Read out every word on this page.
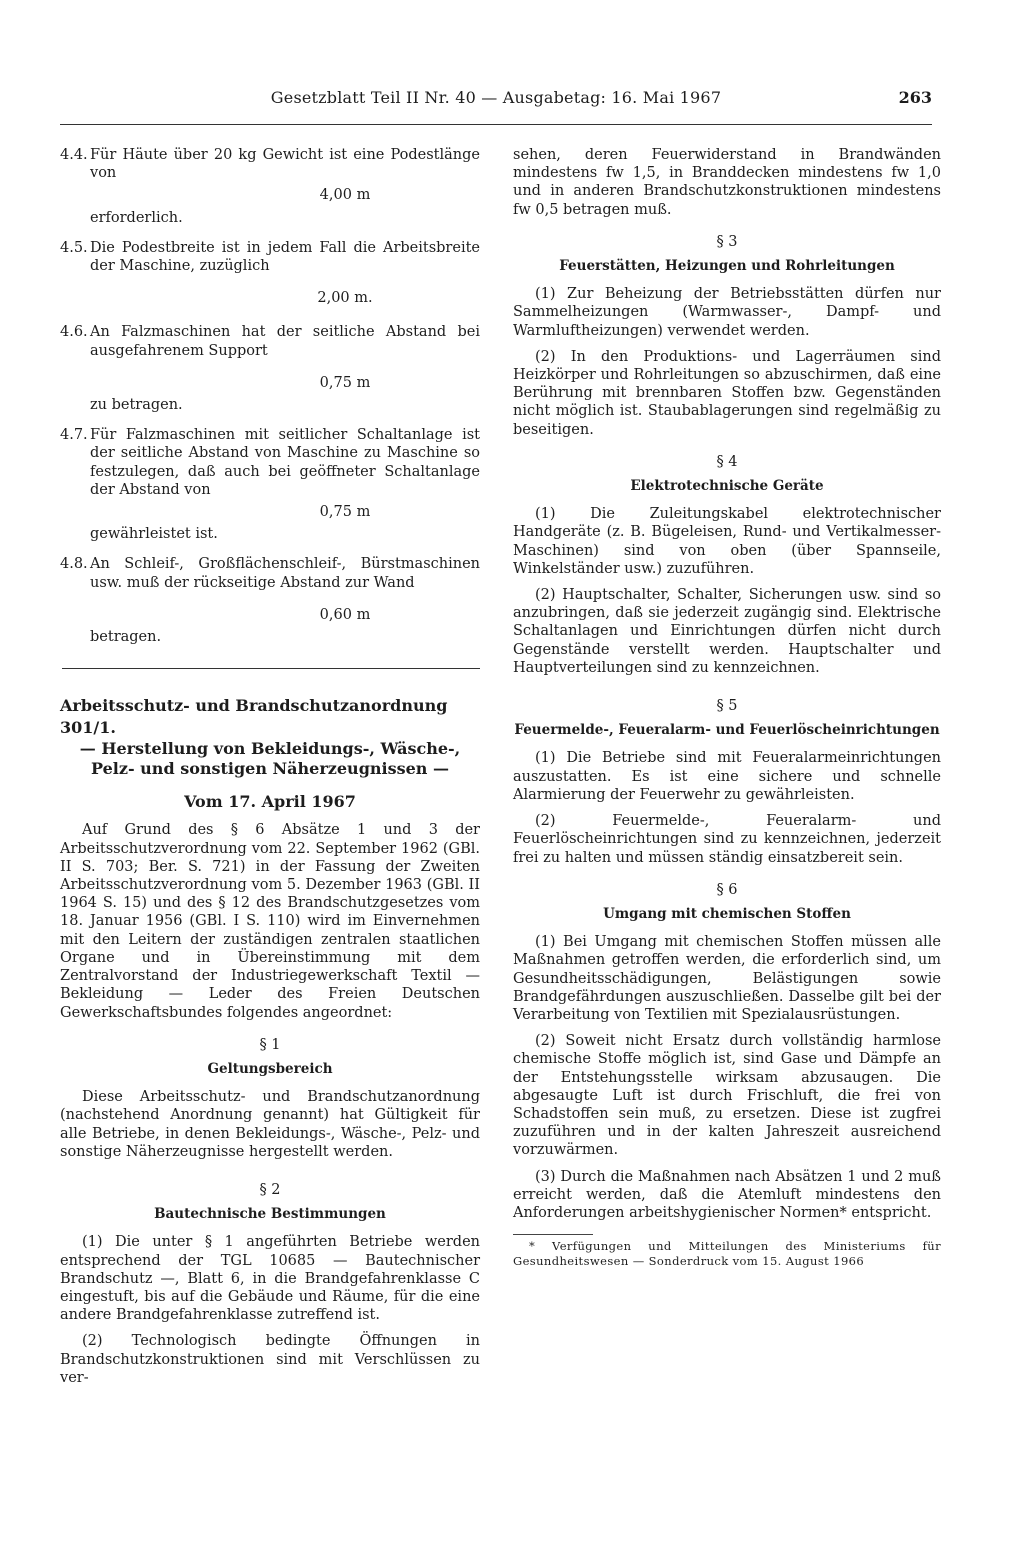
Gesetzblatt Teil II Nr. 40 — Ausgabetag: 16. Mai 1967	263
4.4. Für Häute über 20 kg Gewicht ist eine Podestlänge von
4,00 m

erforderlich.

4.5. Die Podestbreite ist in jedem Fall die Arbeitsbreite der Maschine, zuzüglich
2,00 m.
4.6. An Falzmaschinen hat der seitliche Abstand bei ausgefahrenem Support
0,75 m

zu betragen.

4.7. Für Falzmaschinen mit seitlicher Schaltanlage ist der seitliche Abstand von Maschine zu Maschine so festzulegen, daß auch bei geöffneter Schaltanlage der Abstand von
0,75 m

gewährleistet ist.

4.8. An Schleif-, Großflächenschleif-, Bürstmaschinen usw. muß der rückseitige Abstand zur Wand
0,60 m

betragen.

Arbeitsschutz- und Brandschutzanordnung 301/1.
— Herstellung von Bekleidungs-, Wäsche-, Pelz- und sonstigen Näherzeugnissen —
Vom 17. April 1967

Auf Grund des § 6 Absätze 1 und 3 der Arbeitsschutzverordnung vom 22. September 1962 (GBl. II S. 703; Ber. S. 721) in der Fassung der Zweiten Arbeitsschutzverordnung vom 5. Dezember 1963 (GBl. II 1964 S. 15) und des § 12 des Brandschutzgesetzes vom 18. Januar 1956 (GBl. I S. 110) wird im Einvernehmen mit den Leitern der zuständigen zentralen staatlichen Organe und in Übereinstimmung mit dem Zentralvorstand der Industriegewerkschaft Textil — Bekleidung — Leder des Freien Deutschen Gewerkschaftsbundes folgendes angeordnet:

§ 1
Geltungsbereich

Diese Arbeitsschutz- und Brandschutzanordnung (nachstehend Anordnung genannt) hat Gültigkeit für alle Betriebe, in denen Bekleidungs-, Wäsche-, Pelz- und sonstige Näherzeugnisse hergestellt werden.

§ 2
Bautechnische Bestimmungen

(1) Die unter § 1 angeführten Betriebe werden entsprechend der TGL 10685 — Bautechnischer Brandschutz —, Blatt 6, in die Brandgefahrenklasse C eingestuft, bis auf die Gebäude und Räume, für die eine andere Brandgefahrenklasse zutreffend ist.

(2) Technologisch bedingte Öffnungen in Brandschutzkonstruktionen sind mit Verschlüssen zu ver-

sehen, deren Feuerwiderstand in Brandwänden mindestens fw 1,5, in Branddecken mindestens fw 1,0 und in anderen Brandschutzkonstruktionen mindestens fw 0,5 betragen muß.

§ 3
Feuerstätten, Heizungen und Rohrleitungen

(1) Zur Beheizung der Betriebsstätten dürfen nur Sammelheizungen (Warmwasser-, Dampf- und Warmluftheizungen) verwendet werden.

(2) In den Produktions- und Lagerräumen sind Heizkörper und Rohrleitungen so abzuschirmen, daß eine Berührung mit brennbaren Stoffen bzw. Gegenständen nicht möglich ist. Staubablagerungen sind regelmäßig zu beseitigen.

§ 4
Elektrotechnische Geräte

(1) Die Zuleitungskabel elektrotechnischer Handgeräte (z. B. Bügeleisen, Rund- und Vertikalmesser-Maschinen) sind von oben (über Spannseile, Winkelständer usw.) zuzuführen.

(2) Hauptschalter, Schalter, Sicherungen usw. sind so anzubringen, daß sie jederzeit zugängig sind. Elektrische Schaltanlagen und Einrichtungen dürfen nicht durch Gegenstände verstellt werden. Hauptschalter und Hauptverteilungen sind zu kennzeichnen.

§ 5
Feuermelde-, Feueralarm- und Feuerlöscheinrichtungen

(1) Die Betriebe sind mit Feueralarmeinrichtungen auszustatten. Es ist eine sichere und schnelle Alarmierung der Feuerwehr zu gewährleisten.

(2) Feuermelde-, Feueralarm- und Feuerlöscheinrichtungen sind zu kennzeichnen, jederzeit frei zu halten und müssen ständig einsatzbereit sein.

§ 6
Umgang mit chemischen Stoffen

(1) Bei Umgang mit chemischen Stoffen müssen alle Maßnahmen getroffen werden, die erforderlich sind, um Gesundheitsschädigungen, Belästigungen sowie Brandgefährdungen auszuschließen. Dasselbe gilt bei der Verarbeitung von Textilien mit Spezialausrüstungen.

(2) Soweit nicht Ersatz durch vollständig harmlose chemische Stoffe möglich ist, sind Gase und Dämpfe an der Entstehungsstelle wirksam abzusaugen. Die abgesaugte Luft ist durch Frischluft, die frei von Schadstoffen sein muß, zu ersetzen. Diese ist zugfrei zuzuführen und in der kalten Jahreszeit ausreichend vorzuwärmen.

(3) Durch die Maßnahmen nach Absätzen 1 und 2 muß erreicht werden, daß die Atemluft mindestens den Anforderungen arbeitshygienischer Normen* entspricht.

* Verfügungen und Mitteilungen des Ministeriums für Gesundheitswesen — Sonderdruck vom 15. August 1966
